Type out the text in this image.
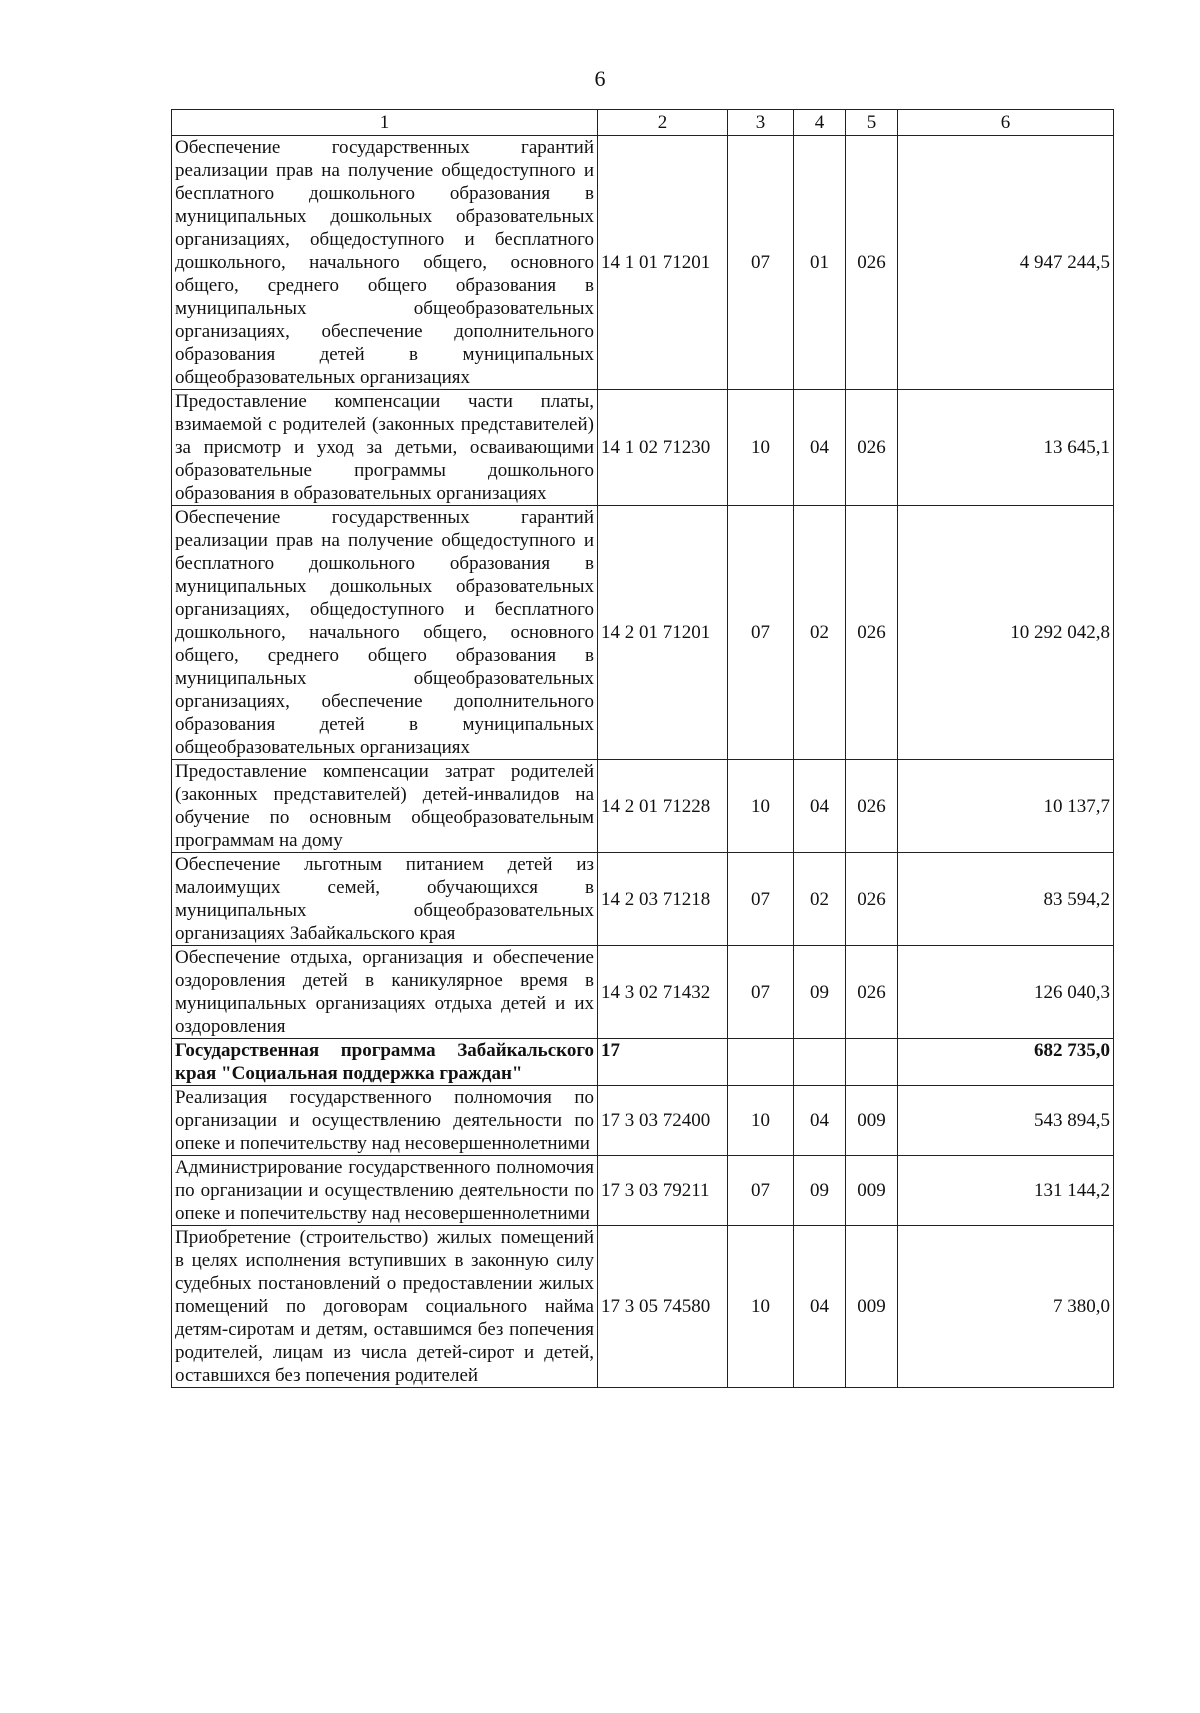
6
1	2	3	4	5	6
Обеспечение государственных гарантий реализации прав на получение общедоступного и бесплатного дошкольного образования в муниципальных дошкольных образовательных организациях, общедоступного и бесплатного дошкольного, начального общего, основного общего, среднего общего образования в муниципальных общеобразовательных организациях, обеспечение дополнительного образования детей в муниципальных общеобразовательных организациях	14 1 01 71201	07	01	026	4 947 244,5
Предоставление компенсации части платы, взимаемой с родителей (законных представителей) за присмотр и уход за детьми, осваивающими образовательные программы дошкольного образования в образовательных организациях	14 1 02 71230	10	04	026	13 645,1
Обеспечение государственных гарантий реализации прав на получение общедоступного и бесплатного дошкольного образования в муниципальных дошкольных образовательных организациях, общедоступного и бесплатного дошкольного, начального общего, основного общего, среднего общего образования в муниципальных общеобразовательных организациях, обеспечение дополнительного образования детей в муниципальных общеобразовательных организациях	14 2 01 71201	07	02	026	10 292 042,8
Предоставление компенсации затрат родителей (законных представителей) детей-инвалидов на обучение по основным общеобразовательным программам на дому	14 2 01 71228	10	04	026	10 137,7
Обеспечение льготным питанием детей из малоимущих семей, обучающихся в муниципальных общеобразовательных организациях Забайкальского края	14 2 03 71218	07	02	026	83 594,2
Обеспечение отдыха, организация и обеспечение оздоровления детей в каникулярное время в муниципальных организациях отдыха детей и их оздоровления	14 3 02 71432	07	09	026	126 040,3
Государственная программа Забайкальского края "Социальная поддержка граждан"	17				682 735,0
Реализация государственного полномочия по организации и осуществлению деятельности по опеке и попечительству над несовершеннолетними	17 3 03 72400	10	04	009	543 894,5
Администрирование государственного полномочия по организации и осуществлению деятельности по опеке и попечительству над несовершеннолетними	17 3 03 79211	07	09	009	131 144,2
Приобретение (строительство) жилых помещений в целях исполнения вступивших в законную силу судебных постановлений о предоставлении жилых помещений по договорам социального найма детям-сиротам и детям, оставшимся без попечения родителей, лицам из числа детей-сирот и детей, оставшихся без попечения родителей	17 3 05 74580	10	04	009	7 380,0
